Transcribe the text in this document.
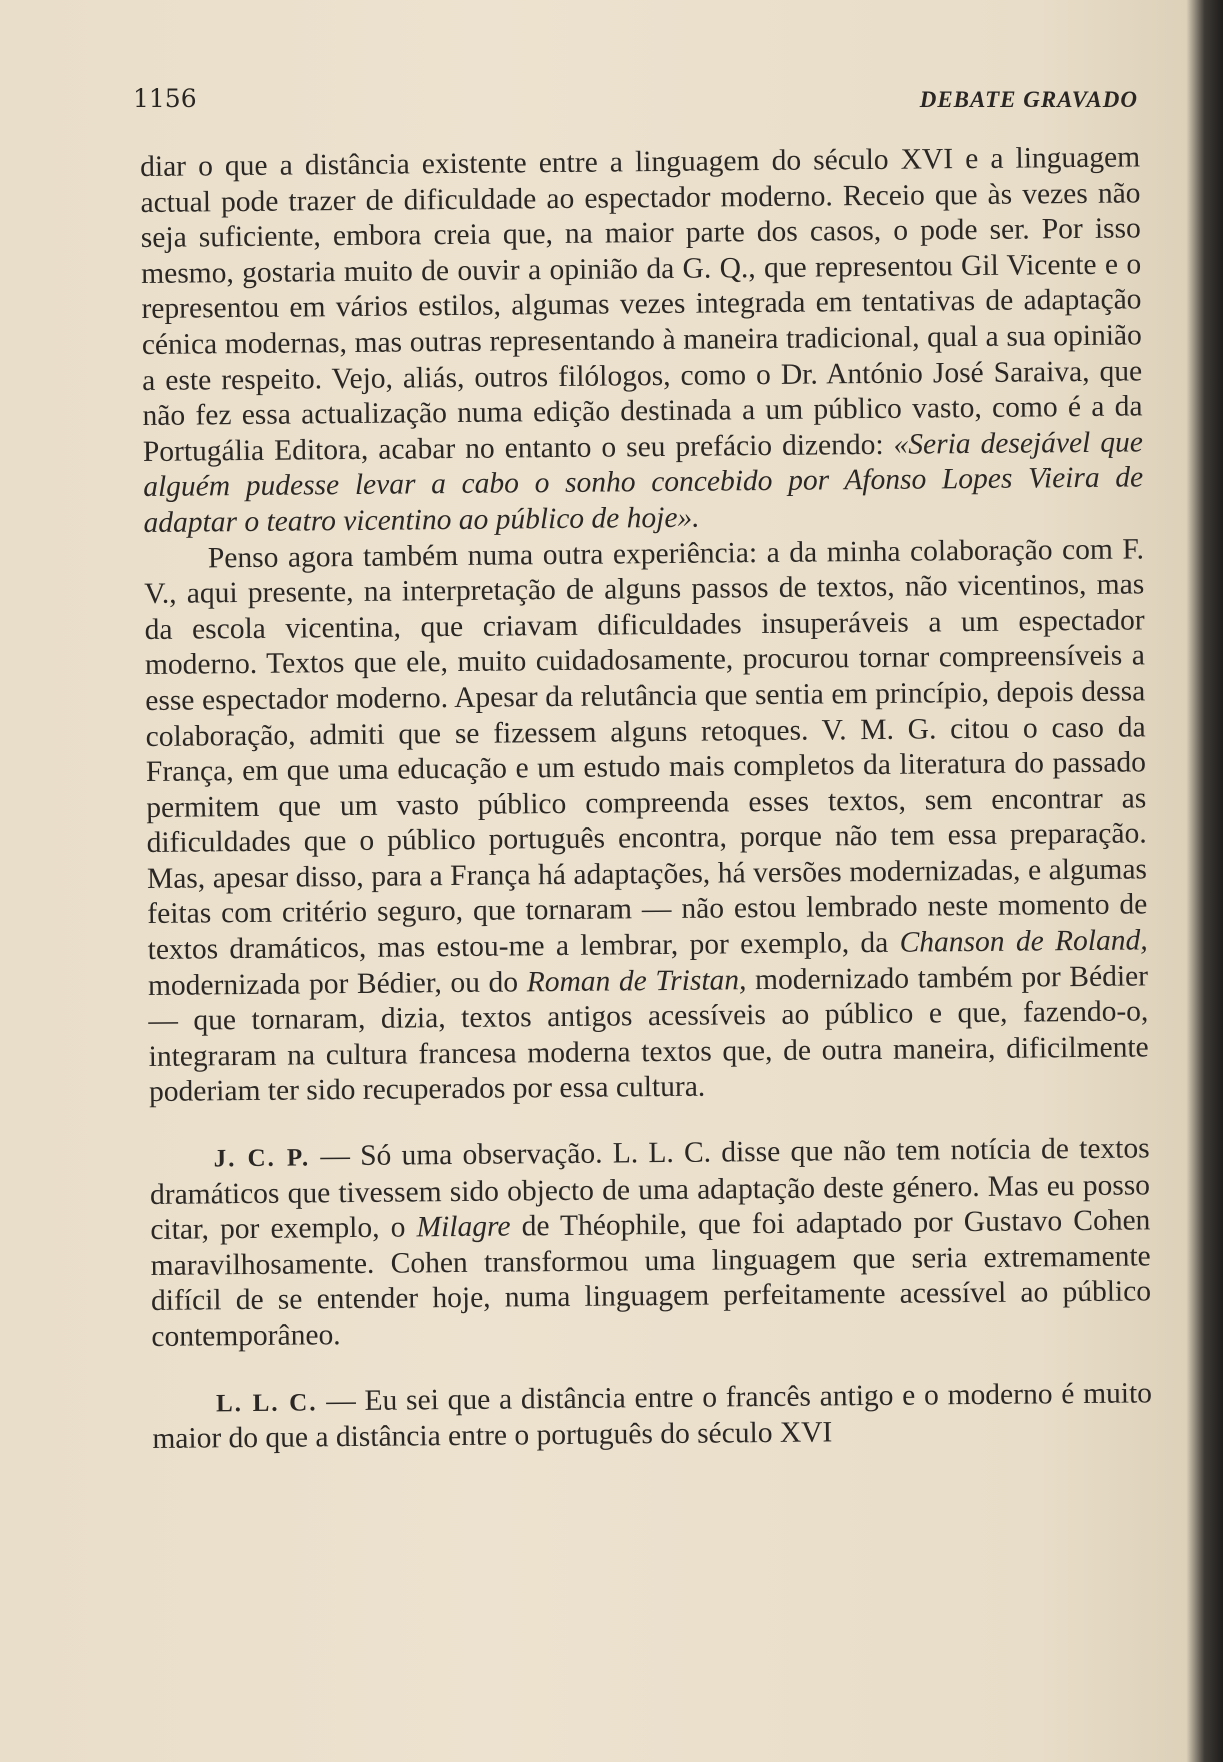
1156	DEBATE GRAVADO

diar o que a distância existente entre a linguagem do século XVI e a linguagem actual pode trazer de dificuldade ao espectador moderno. Receio que às vezes não seja suficiente, embora creia que, na maior parte dos casos, o pode ser. Por isso mesmo, gostaria muito de ouvir a opinião da G. Q., que representou Gil Vicente e o representou em vários estilos, algumas vezes integrada em tentativas de adaptação cénica modernas, mas outras representando à maneira tradicional, qual a sua opinião a este respeito. Vejo, aliás, outros filólogos, como o Dr. António José Saraiva, que não fez essa actualização numa edição destinada a um público vasto, como é a da Portugália Editora, acabar no entanto o seu prefácio dizendo: «Seria desejável que alguém pudesse levar a cabo o sonho concebido por Afonso Lopes Vieira de adaptar o teatro vicentino ao público de hoje».

Penso agora também numa outra experiência: a da minha colaboração com F. V., aqui presente, na interpretação de alguns passos de textos, não vicentinos, mas da escola vicentina, que criavam dificuldades insuperáveis a um espectador moderno. Textos que ele, muito cuidadosamente, procurou tornar compreensíveis a esse espectador moderno. Apesar da relutância que sentia em princípio, depois dessa colaboração, admiti que se fizessem alguns retoques. V. M. G. citou o caso da França, em que uma educação e um estudo mais completos da literatura do passado permitem que um vasto público compreenda esses textos, sem encontrar as dificuldades que o público português encontra, porque não tem essa preparação. Mas, apesar disso, para a França há adaptações, há versões modernizadas, e algumas feitas com critério seguro, que tornaram — não estou lembrado neste momento de textos dramáticos, mas estou-me a lembrar, por exemplo, da Chanson de Roland, modernizada por Bédier, ou do Roman de Tristan, modernizado também por Bédier — que tornaram, dizia, textos antigos acessíveis ao público e que, fazendo-o, integraram na cultura francesa moderna textos que, de outra maneira, dificilmente poderiam ter sido recuperados por essa cultura.

J. C. P. — Só uma observação. L. L. C. disse que não tem notícia de textos dramáticos que tivessem sido objecto de uma adaptação deste género. Mas eu posso citar, por exemplo, o Milagre de Théophile, que foi adaptado por Gustavo Cohen maravilhosamente. Cohen transformou uma linguagem que seria extremamente difícil de se entender hoje, numa linguagem perfeitamente acessível ao público contemporâneo.

L. L. C. — Eu sei que a distância entre o francês antigo e o moderno é muito maior do que a distância entre o português do século XVI
